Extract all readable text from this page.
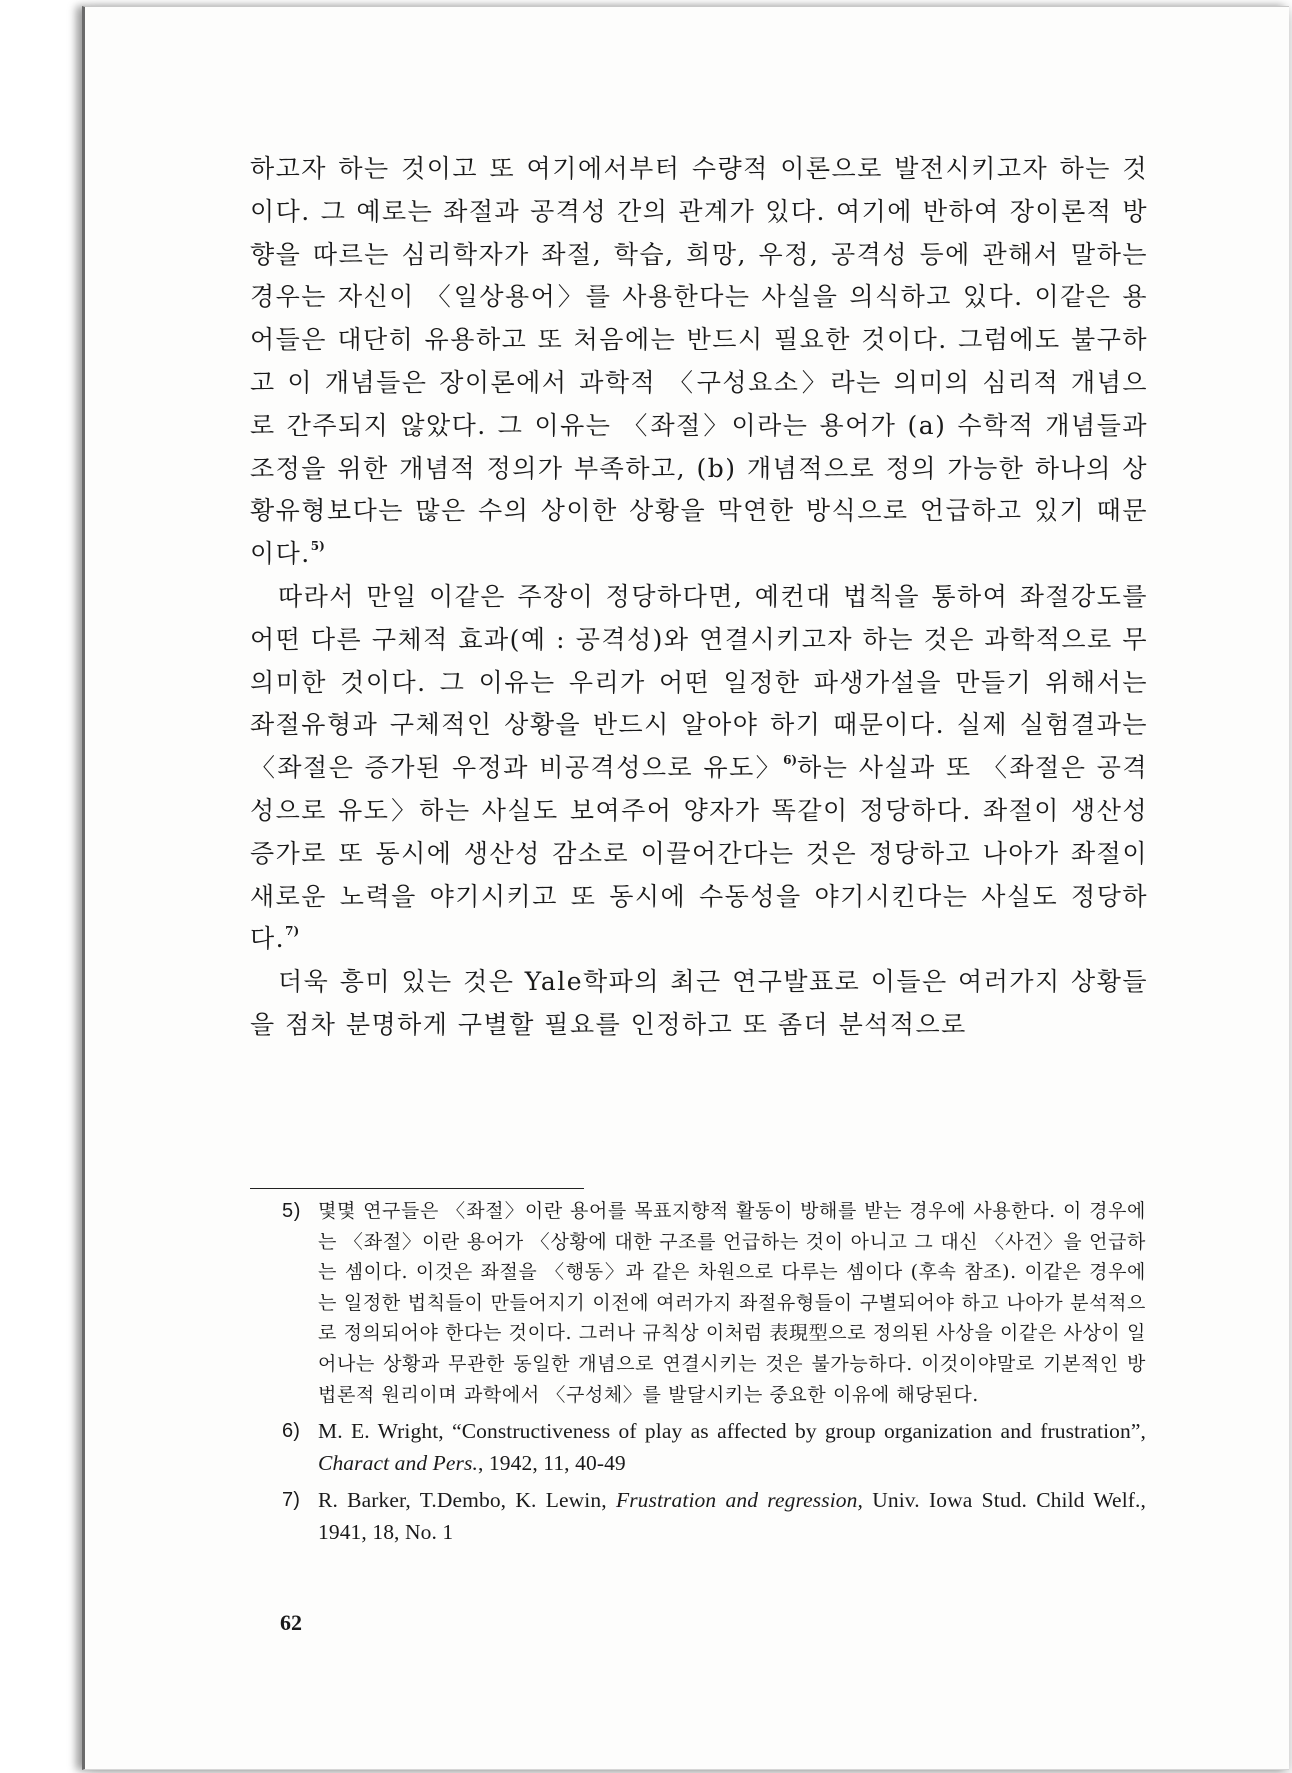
하고자 하는 것이고 또 여기에서부터 수량적 이론으로 발전시키고자 하는 것이다. 그 예로는 좌절과 공격성 간의 관계가 있다. 여기에 반하여 장이론적 방향을 따르는 심리학자가 좌절, 학습, 희망, 우정, 공격성 등에 관해서 말하는 경우는 자신이 〈일상용어〉를 사용한다는 사실을 의식하고 있다. 이같은 용어들은 대단히 유용하고 또 처음에는 반드시 필요한 것이다. 그럼에도 불구하고 이 개념들은 장이론에서 과학적 〈구성요소〉라는 의미의 심리적 개념으로 간주되지 않았다. 그 이유는 〈좌절〉이라는 용어가 (a) 수학적 개념들과 조정을 위한 개념적 정의가 부족하고, (b) 개념적으로 정의 가능한 하나의 상황유형보다는 많은 수의 상이한 상황을 막연한 방식으로 언급하고 있기 때문이다.$^{5)}$

따라서 만일 이같은 주장이 정당하다면, 예컨대 법칙을 통하여 좌절강도를 어떤 다른 구체적 효과(예 : 공격성)와 연결시키고자 하는 것은 과학적으로 무의미한 것이다. 그 이유는 우리가 어떤 일정한 파생가설을 만들기 위해서는 좌절유형과 구체적인 상황을 반드시 알아야 하기 때문이다. 실제 실험결과는 〈좌절은 증가된 우정과 비공격성으로 유도〉$^{6)}$하는 사실과 또 〈좌절은 공격성으로 유도〉하는 사실도 보여주어 양자가 똑같이 정당하다. 좌절이 생산성 증가로 또 동시에 생산성 감소로 이끌어간다는 것은 정당하고 나아가 좌절이 새로운 노력을 야기시키고 또 동시에 수동성을 야기시킨다는 사실도 정당하다.$^{7)}$

더욱 흥미 있는 것은 Yale학파의 최근 연구발표로 이들은 여러가지 상황들을 점차 분명하게 구별할 필요를 인정하고 또 좀더 분석적으로

5) 몇몇 연구들은 〈좌절〉이란 용어를 목표지향적 활동이 방해를 받는 경우에 사용한다. 이 경우에는 〈좌절〉이란 용어가 〈상황에 대한 구조를 언급하는 것이 아니고 그 대신 〈사건〉을 언급하는 셈이다. 이것은 좌절을 〈행동〉과 같은 차원으로 다루는 셈이다 (후속 참조). 이같은 경우에는 일정한 법칙들이 만들어지기 이전에 여러가지 좌절유형들이 구별되어야 하고 나아가 분석적으로 정의되어야 한다는 것이다. 그러나 규칙상 이처럼 表現型으로 정의된 사상을 이같은 사상이 일어나는 상황과 무관한 동일한 개념으로 연결시키는 것은 불가능하다. 이것이야말로 기본적인 방법론적 원리이며 과학에서 〈구성체〉를 발달시키는 중요한 이유에 해당된다.
6) M. E. Wright, “Constructiveness of play as affected by group organization and frustration”, Charact and Pers., 1942, 11, 40-49
7) R. Barker, T.Dembo, K. Lewin, Frustration and regression, Univ. Iowa Stud. Child Welf., 1941, 18, No. 1
62
